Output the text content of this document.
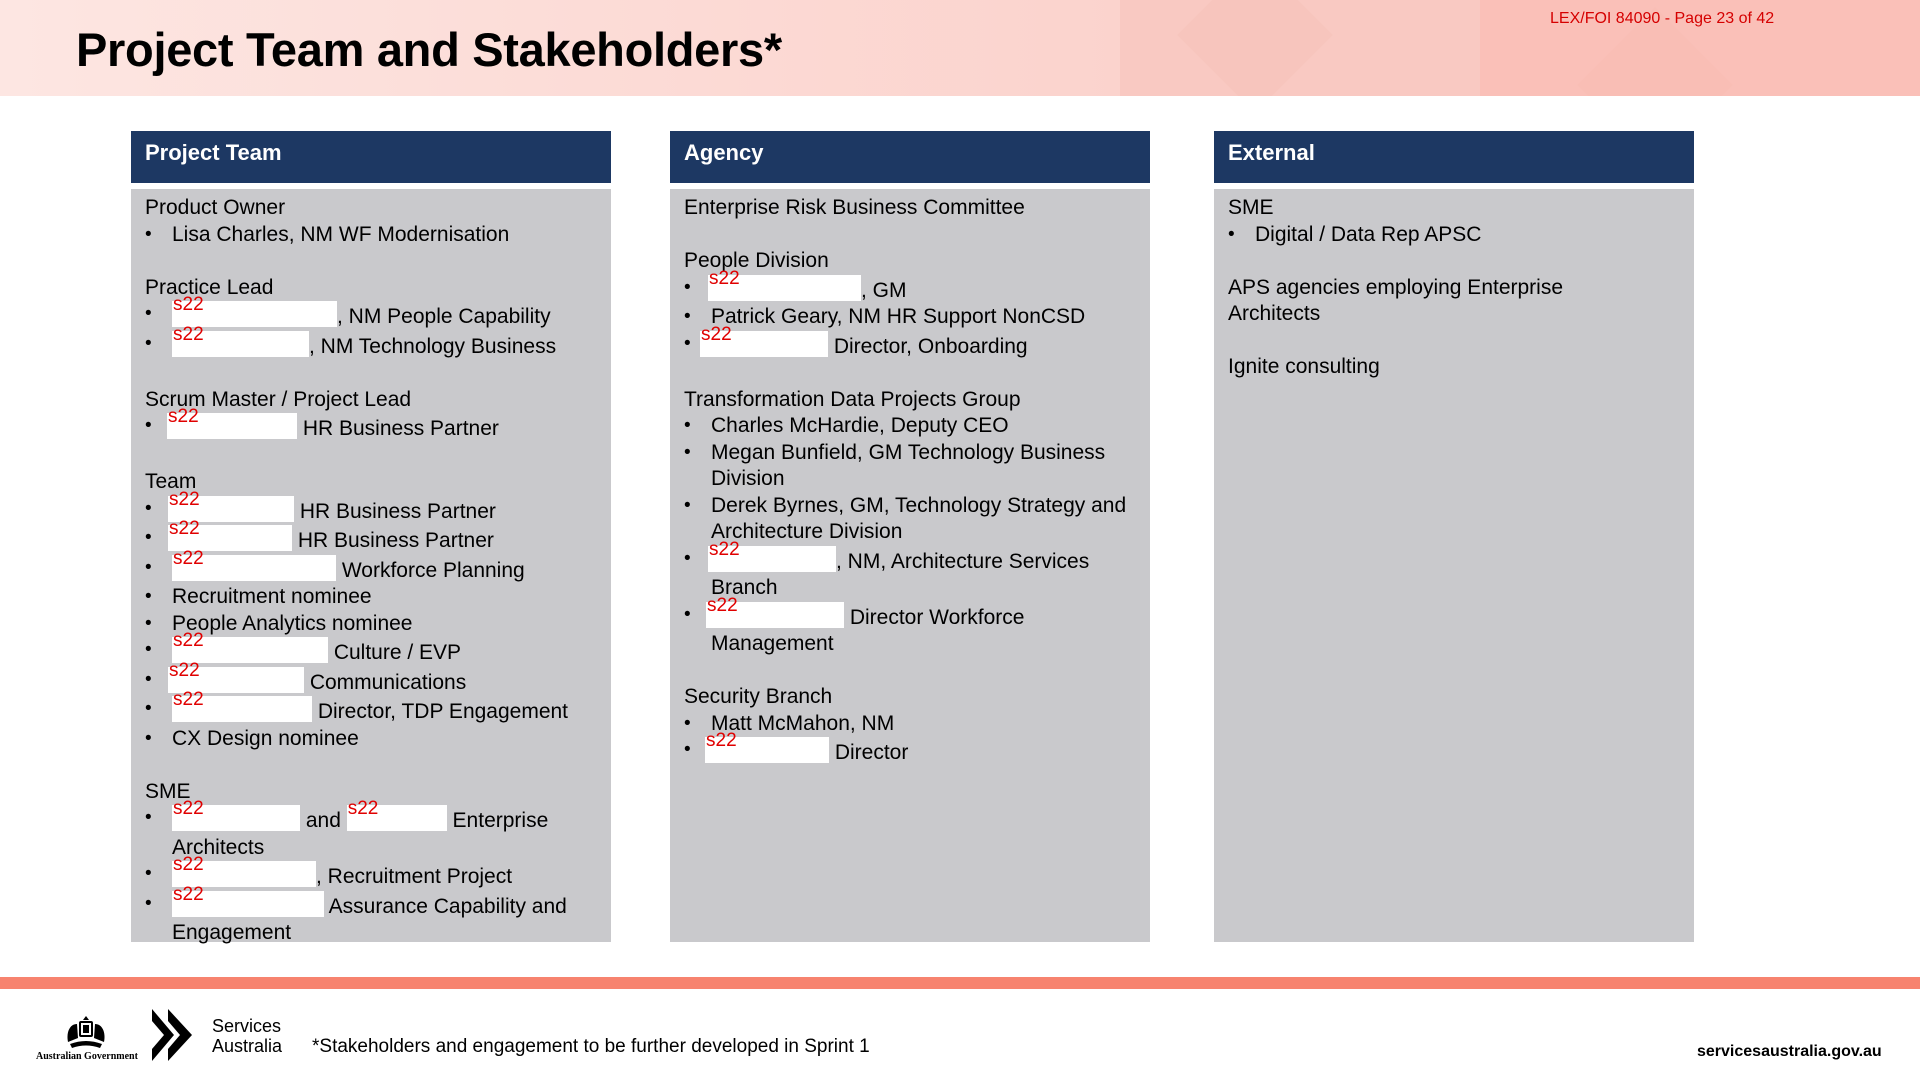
Project Team and Stakeholders*
LEX/FOI 84090 - Page 23 of 42
Project Team
Product Owner
• Lisa Charles, NM WF Modernisation
Practice Lead
• s22
, NM People Capability
• s22
, NM Technology Business
Scrum Master / Project Lead
• s22
HR Business Partner
Team
• s22
HR Business Partner
• s22
HR Business Partner
• s22
Workforce Planning
• Recruitment nominee
• People Analytics nominee
• s22
Culture / EVP
• s22
Communications
• s22
Director, TDP Engagement
• CX Design nominee
SME
• s22
and
s22
Enterprise Architects
• s22
, Recruitment Project
• s22
Assurance Capability and Engagement
Agency
Enterprise Risk Business Committee
People Division
• s22
, GM
• Patrick Geary, NM HR Support NonCSD
• s22
Director, Onboarding
Transformation Data Projects Group
• Charles McHardie, Deputy CEO
• Megan Bunfield, GM Technology Business Division
• Derek Byrnes, GM, Technology Strategy and Architecture Division
• s22
, NM, Architecture Services Branch
• s22
Director Workforce Management
Security Branch
• Matt McMahon, NM
• s22
Director
External
SME
• Digital / Data Rep APSC
APS agencies employing Enterprise Architects
Ignite consulting
Australian Government
Services
Australia *Stakeholders and engagement to be further developed in Sprint 1	servicesaustralia.gov.au
